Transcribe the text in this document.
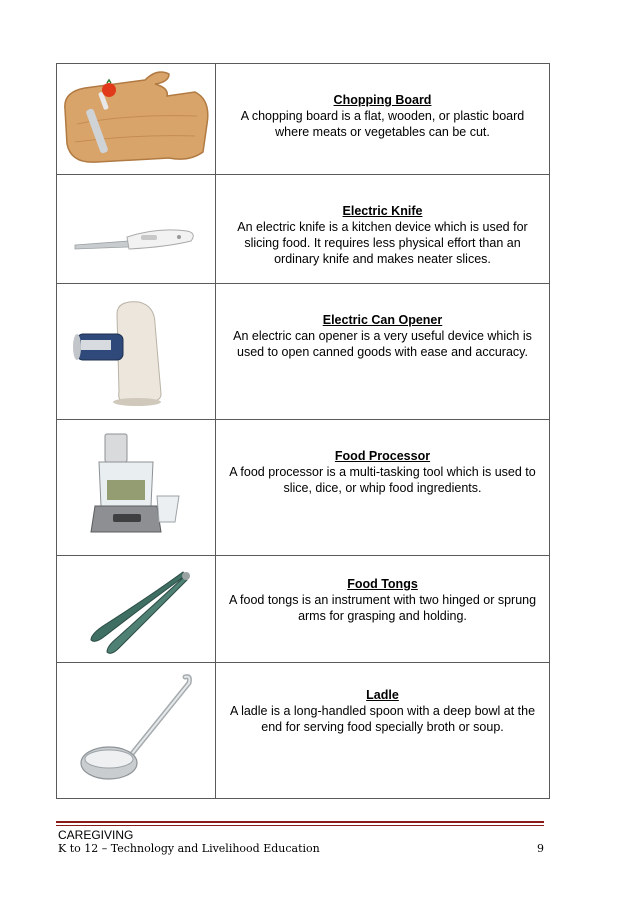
Chopping Board
A chopping board is a flat, wooden, or plastic board where meats or vegetables can be cut.

Electric Knife
An electric knife is a kitchen device which is used for slicing food. It requires less physical effort than an ordinary knife and makes neater slices.

Electric Can Opener
An electric can opener is a very useful device which is used to open canned goods with ease and accuracy.

Food Processor
A food processor is a multi-tasking tool which is used to slice, dice, or whip food ingredients.

Food Tongs
A food tongs is an instrument with two hinged or sprung arms for grasping and holding.

Ladle
A ladle is a long-handled spoon with a deep bowl at the end for serving food specially broth or soup.
CAREGIVING
K to 12 – Technology and Livelihood Education	9
